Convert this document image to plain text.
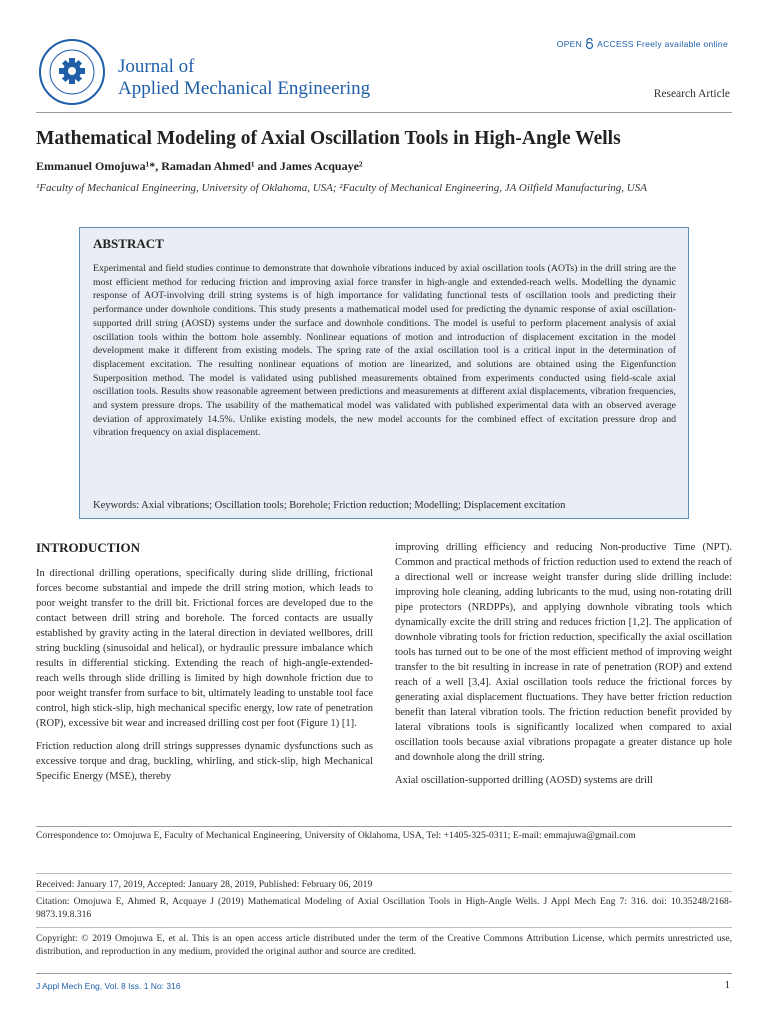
Journal of
Applied Mechanical Engineering
OPEN ACCESS Freely available online
Research Article
Mathematical Modeling of Axial Oscillation Tools in High-Angle Wells
Emmanuel Omojuwa¹*, Ramadan Ahmed¹ and James Acquaye²
¹Faculty of Mechanical Engineering, University of Oklahoma, USA; ²Faculty of Mechanical Engineering, JA Oilfield Manufacturing, USA
ABSTRACT
Experimental and field studies continue to demonstrate that downhole vibrations induced by axial oscillation tools (AOTs) in the drill string are the most efficient method for reducing friction and improving axial force transfer in high-angle and extended-reach wells. Modelling the dynamic response of AOT-involving drill string systems is of high importance for validating functional tests of oscillation tools and predicting their performance under downhole conditions. This study presents a mathematical model used for predicting the dynamic response of axial oscillation-supported drill string (AOSD) systems under the surface and downhole conditions. The model is useful to perform placement analysis of axial oscillation tools within the bottom hole assembly. Nonlinear equations of motion and introduction of displacement excitation in the model development make it different from existing models. The spring rate of the axial oscillation tool is a critical input in the determination of displacement excitation. The resulting nonlinear equations of motion are linearized, and solutions are obtained using the Eigenfunction Superposition method. The model is validated using published measurements obtained from experiments conducted using field-scale axial oscillation tools. Results show reasonable agreement between predictions and measurements at different axial displacements, vibration frequencies, and system pressure drops. The usability of the mathematical model was validated with published experimental data with an observed average deviation of approximately 14.5%. Unlike existing models, the new model accounts for the combined effect of excitation pressure drop and vibration frequency on axial displacement.
Keywords: Axial vibrations; Oscillation tools; Borehole; Friction reduction; Modelling; Displacement excitation
INTRODUCTION

In directional drilling operations, specifically during slide drilling, frictional forces become substantial and impede the drill string motion, which leads to poor weight transfer to the drill bit. Frictional forces are developed due to the contact between drill string and borehole. The forced contacts are usually established by gravity acting in the lateral direction in deviated wellbores, drill string buckling (sinusoidal and helical), or hydraulic pressure imbalance which results in differential sticking. Extending the reach of high-angle-extended-reach wells through slide drilling is limited by high downhole friction due to poor weight transfer from surface to bit, ultimately leading to unstable tool face control, high stick-slip, high mechanical specific energy, low rate of penetration (ROP), excessive bit wear and increased drilling cost per foot (Figure 1) [1].

Friction reduction along drill strings suppresses dynamic dysfunctions such as excessive torque and drag, buckling, whirling, and stick-slip, high Mechanical Specific Energy (MSE), thereby

improving drilling efficiency and reducing Non-productive Time (NPT). Common and practical methods of friction reduction used to extend the reach of a directional well or increase weight transfer during slide drilling include: improving hole cleaning, adding lubricants to the mud, using non-rotating drill pipe protectors (NRDPPs), and applying downhole vibrating tools which dynamically excite the drill string and reduces friction [1,2]. The application of downhole vibrating tools for friction reduction, specifically the axial oscillation tools has turned out to be one of the most efficient method of improving weight transfer to the bit resulting in increase in rate of penetration (ROP) and extend reach of a well [3,4]. Axial oscillation tools reduce the frictional forces by generating axial displacement fluctuations. They have better friction reduction benefit than lateral vibration tools. The friction reduction benefit provided by lateral vibrations tools is significantly localized when compared to axial oscillation tools because axial vibrations propagate a greater distance up hole and downhole along the drill string.

Axial oscillation-supported drilling (AOSD) systems are drill

Correspondence to: Omojuwa E, Faculty of Mechanical Engineering, University of Oklahoma, USA, Tel: +1405-325-0311; E-mail: emmajuwa@gmail.com
Received: January 17, 2019, Accepted: January 28, 2019, Published: February 06, 2019
Citation: Omojuwa E, Ahmed R, Acquaye J (2019) Mathematical Modeling of Axial Oscillation Tools in High-Angle Wells. J Appl Mech Eng 7: 316. doi: 10.35248/2168-9873.19.8.316
Copyright: © 2019 Omojuwa E, et al. This is an open access article distributed under the term of the Creative Commons Attribution License, which permits unrestricted use, distribution, and reproduction in any medium, provided the original author and source are credited.
J Appl Mech Eng, Vol. 8 Iss. 1 No: 316	1
